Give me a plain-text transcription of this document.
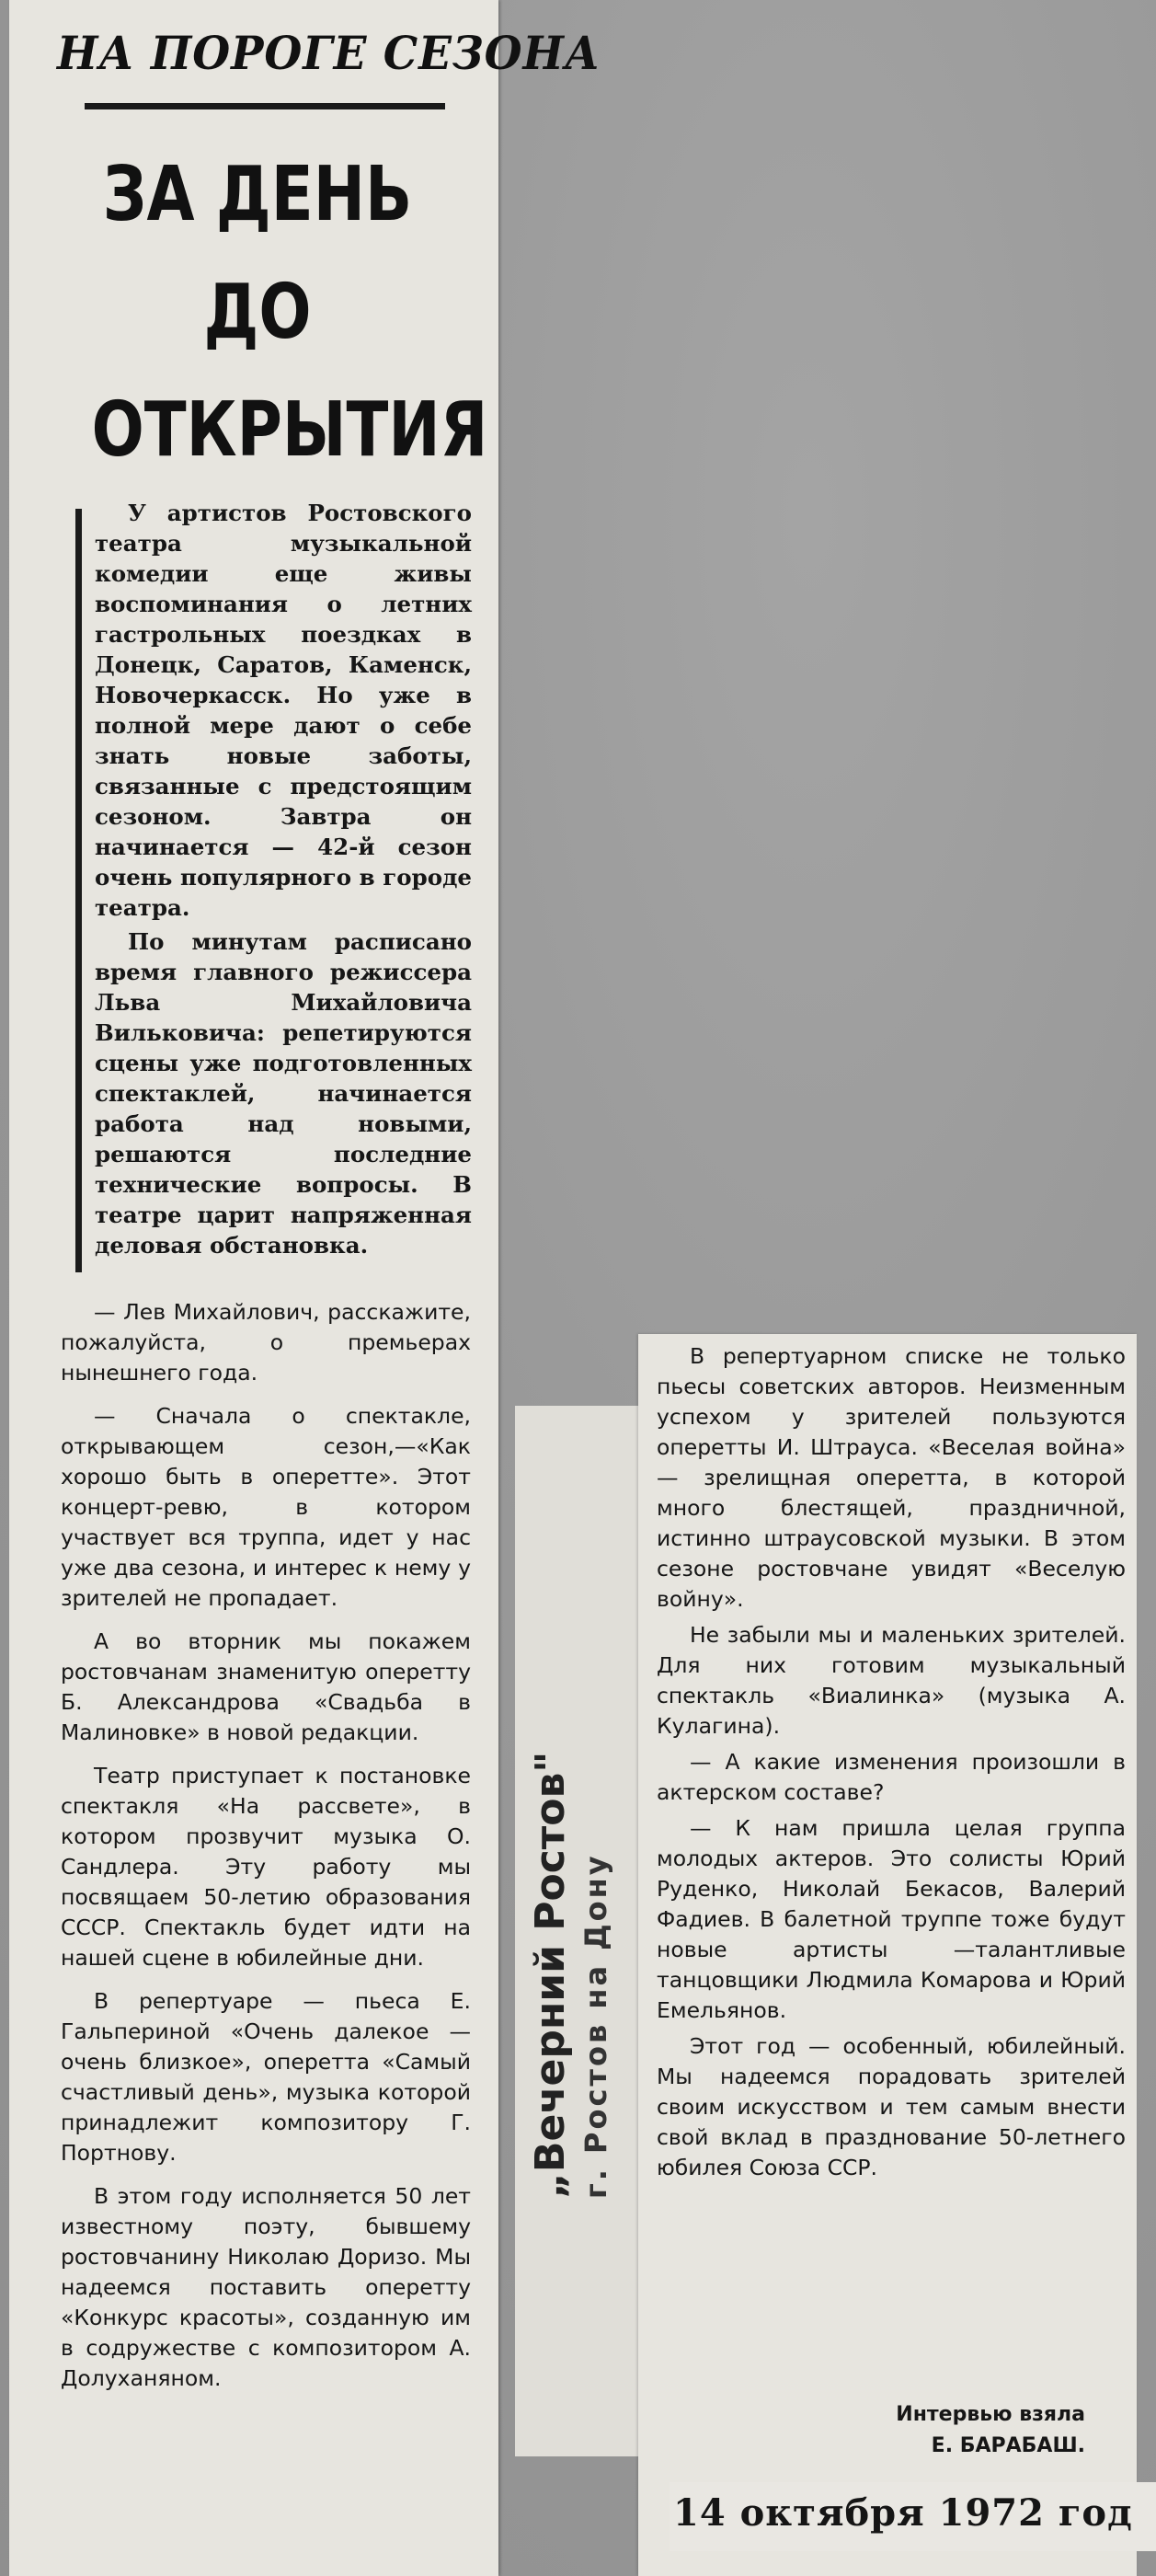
НА ПОРОГЕ СЕЗОНА
ЗА ДЕНЬ
ДО
ОТКРЫТИЯ

У артистов Ростовского театра музыкальной комедии еще живы воспоминания о летних гастрольных поездках в Донецк, Саратов, Каменск, Новочеркасск. Но уже в полной мере дают о себе знать новые заботы, связанные с предстоящим сезоном. Завтра он начинается — 42-й сезон очень популярного в городе театра.

По минутам расписано время главного режиссера Льва Михайловича Вильковича: репетируются сцены уже подготовленных спектаклей, начинается работа над новыми, решаются последние технические вопросы. В театре царит напряженная деловая обстановка.

— Лев Михайлович, расскажите, пожалуйста, о премьерах нынешнего года.

— Сначала о спектакле, открывающем сезон,—«Как хорошо быть в оперетте». Этот концерт-ревю, в котором участвует вся труппа, идет у нас уже два сезона, и интерес к нему у зрителей не пропадает.

А во вторник мы покажем ростовчанам знаменитую оперетту Б. Александрова «Свадьба в Малиновке» в новой редакции.

Театр приступает к постановке спектакля «На рассвете», в котором прозвучит музыка О. Сандлера. Эту работу мы посвящаем 50-летию образования СССР. Спектакль будет идти на нашей сцене в юбилейные дни.

В репертуаре — пьеса Е. Гальпериной «Очень далекое — очень близкое», оперетта «Самый счастливый день», музыка которой принадлежит композитору Г. Портнову.

В этом году исполняется 50 лет известному поэту, бывшему ростовчанину Николаю Доризо. Мы надеемся поставить оперетту «Конкурс красоты», созданную им в содружестве с композитором А. Долуханяном.

„Вечерний Ростов" г. Ростов на Дону

В репертуарном списке не только пьесы советских авторов. Неизменным успехом у зрителей пользуются оперетты И. Штрауса. «Веселая война» — зрелищная оперетта, в которой много блестящей, праздничной, истинно штраусовской музыки. В этом сезоне ростовчане увидят «Веселую войну».

Не забыли мы и маленьких зрителей. Для них готовим музыкальный спектакль «Виалинка» (музыка А. Кулагина).

— А какие изменения произошли в актерском составе?

— К нам пришла целая группа молодых актеров. Это солисты Юрий Руденко, Николай Бекасов, Валерий Фадиев. В балетной труппе тоже будут новые артисты —талантливые танцовщики Людмила Комарова и Юрий Емельянов.

Этот год — особенный, юбилейный. Мы надеемся порадовать зрителей своим искусством и тем самым внести свой вклад в празднование 50-летнего юбилея Союза ССР.

Интервью взяла
Е. БАРАБАШ.
14 октября 1972 год
